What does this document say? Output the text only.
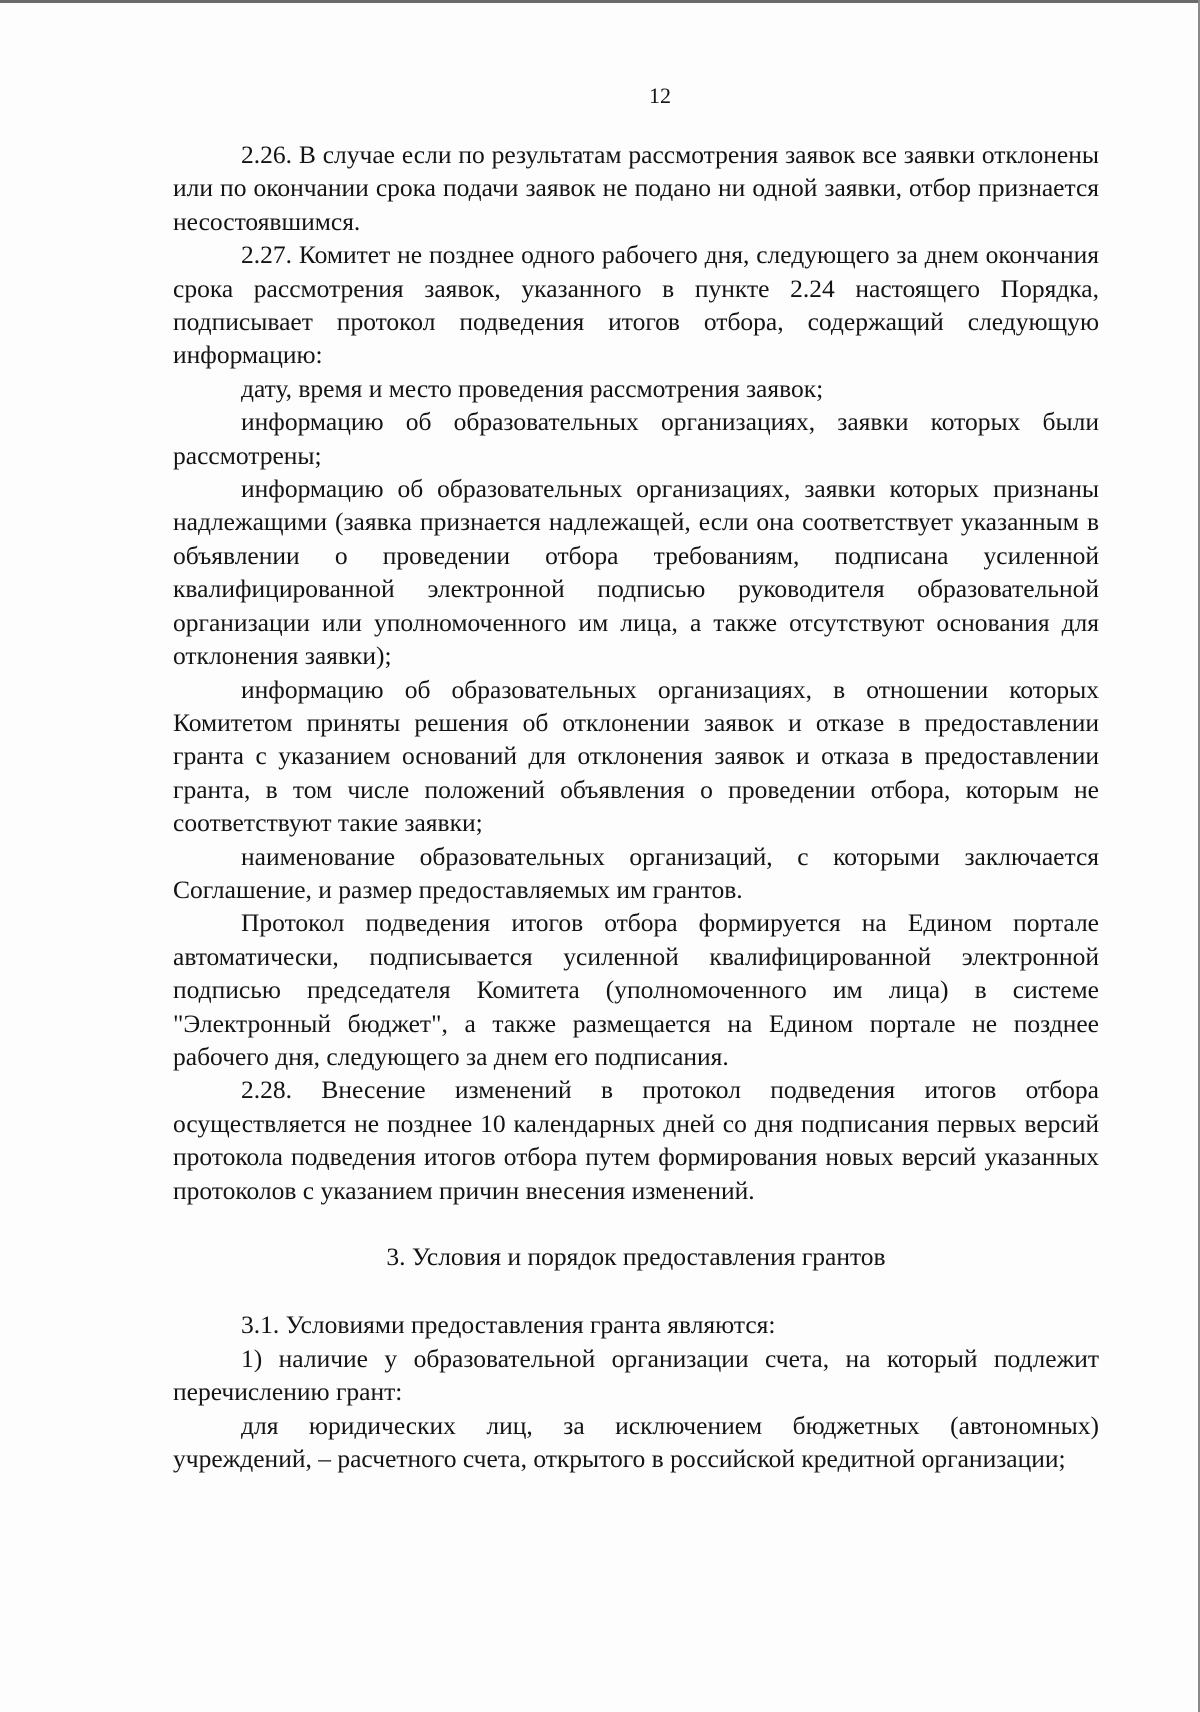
12

2.26. В случае если по результатам рассмотрения заявок все заявки отклонены или по окончании срока подачи заявок не подано ни одной заявки, отбор признается несостоявшимся.

2.27. Комитет не позднее одного рабочего дня, следующего за днем окончания срока рассмотрения заявок, указанного в пункте 2.24 настоящего Порядка, подписывает протокол подведения итогов отбора, содержащий следующую информацию:

дату, время и место проведения рассмотрения заявок;

информацию об образовательных организациях, заявки которых были рассмотрены;

информацию об образовательных организациях, заявки которых признаны надлежащими (заявка признается надлежащей, если она соответствует указанным в объявлении о проведении отбора требованиям, подписана усиленной квалифицированной электронной подписью руководителя образовательной организации или уполномоченного им лица, а также отсутствуют основания для отклонения заявки);

информацию об образовательных организациях, в отношении которых Комитетом приняты решения об отклонении заявок и отказе в предоставлении гранта с указанием оснований для отклонения заявок и отказа в предоставлении гранта, в том числе положений объявления о проведении отбора, которым не соответствуют такие заявки;

наименование образовательных организаций, с которыми заключается Соглашение, и размер предоставляемых им грантов.

Протокол подведения итогов отбора формируется на Едином портале автоматически, подписывается усиленной квалифицированной электронной подписью председателя Комитета (уполномоченного им лица) в системе "Электронный бюджет", а также размещается на Едином портале не позднее рабочего дня, следующего за днем его подписания.

2.28. Внесение изменений в протокол подведения итогов отбора осуществляется не позднее 10 календарных дней со дня подписания первых версий протокола подведения итогов отбора путем формирования новых версий указанных протоколов с указанием причин внесения изменений.

3. Условия и порядок предоставления грантов

3.1. Условиями предоставления гранта являются:

1) наличие у образовательной организации счета, на который подлежит перечислению грант:

для юридических лиц, за исключением бюджетных (автономных) учреждений, – расчетного счета, открытого в российской кредитной организации;
